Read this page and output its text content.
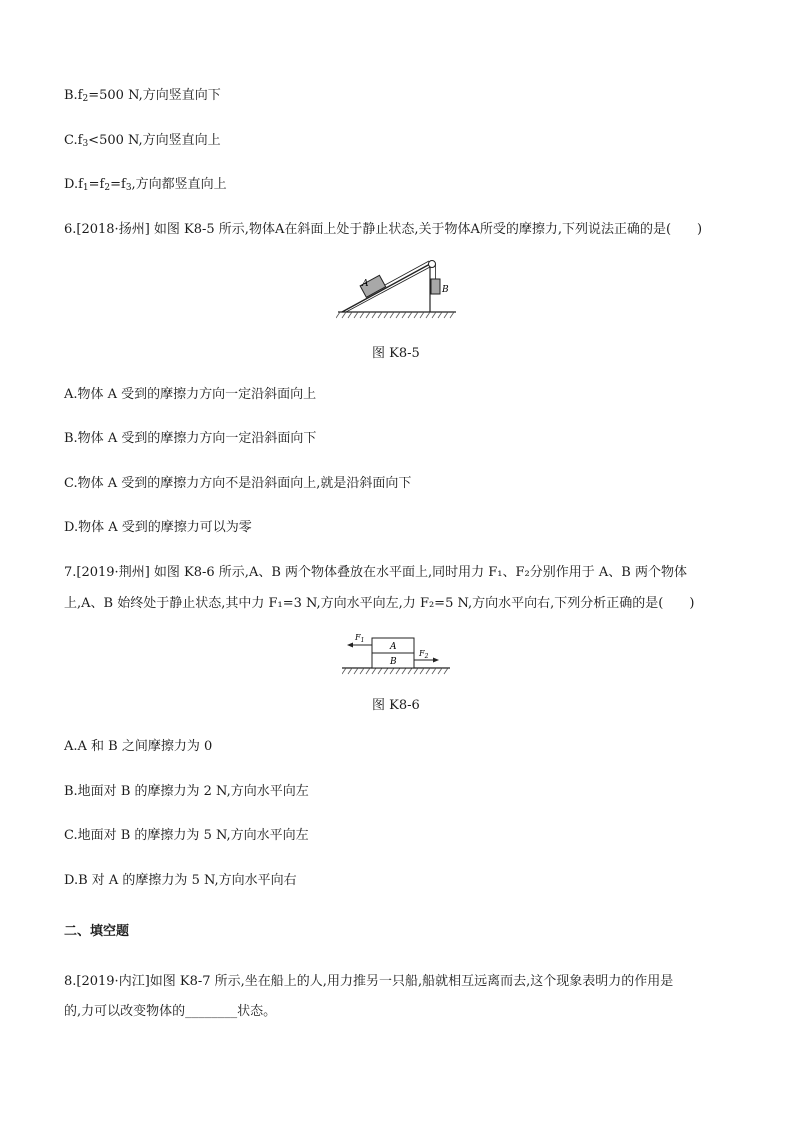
$B.f_2=500$ N,方向竖直向下
$C.f_3<500$ N,方向竖直向上
$D.f_1=f_2=f_3$,方向都竖直向上
6.[2018·扬州] 如图 K8-5 所示,物体A在斜面上处于静止状态,关于物体A所受的摩擦力,下列说法正确的是(　　)
A
B
图 K8-5
A.物体 A 受到的摩擦力方向一定沿斜面向上
B.物体 A 受到的摩擦力方向一定沿斜面向下
C.物体 A 受到的摩擦力方向不是沿斜面向上,就是沿斜面向下
D.物体 A 受到的摩擦力可以为零
7.[2019·荆州] 如图 K8-6 所示,A、B 两个物体叠放在水平面上,同时用力 F₁、F₂分别作用于 A、B 两个物体
上,A、B 始终处于静止状态,其中力 F₁=3 N,方向水平向左,力 F₂=5 N,方向水平向右,下列分析正确的是(　　)
A
B
$F_1$
$F_2$
图 K8-6
A.A 和 B 之间摩擦力为 0
B.地面对 B 的摩擦力为 2 N,方向水平向左
C.地面对 B 的摩擦力为 5 N,方向水平向左
D.B 对 A 的摩擦力为 5 N,方向水平向右
二、填空题
8.[2019·内江]如图 K8-7 所示,坐在船上的人,用力推另一只船,船就相互远离而去,这个现象表明力的作用是
的,力可以改变物体的________状态。
